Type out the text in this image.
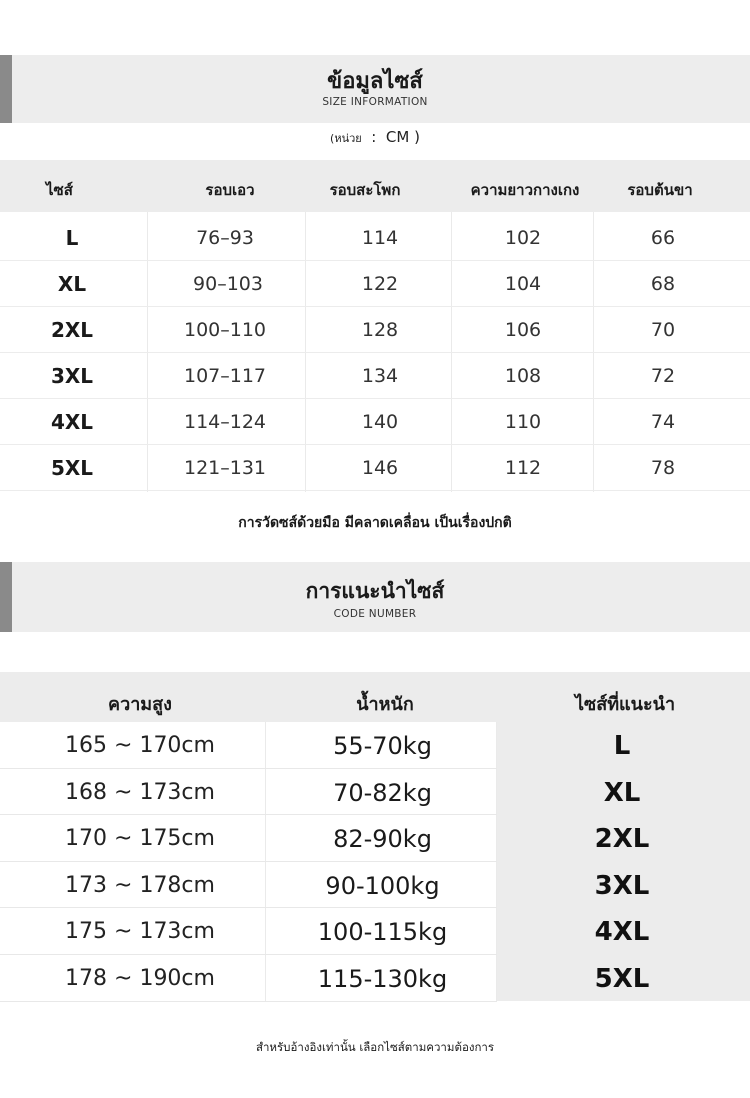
ข้อมูลไซส์
SIZE INFORMATION
(หน่วย : CM )
ไซส์	รอบเอว	รอบสะโพก	ความยาวกางเกง	รอบต้นขา
L	76–93	114	102	66
XL	90–103	122	104	68
2XL	100–110	128	106	70
3XL	107–117	134	108	72
4XL	114–124	140	110	74
5XL	121–131	146	112	78
การวัดซส์ด้วยมือ มีคลาดเคลื่อน เป็นเรื่องปกติ
การแนะนำไซส์
CODE NUMBER
ความสูง	น้ำหนัก	ไซส์ที่แนะนำ
165 ~ 170cm	55-70kg	L
168 ~ 173cm	70-82kg	XL
170 ~ 175cm	82-90kg	2XL
173 ~ 178cm	90-100kg	3XL
175 ~ 173cm	100-115kg	4XL
178 ~ 190cm	115-130kg	5XL
สำหรับอ้างอิงเท่านั้น เลือกไซส์ตามความต้องการ
